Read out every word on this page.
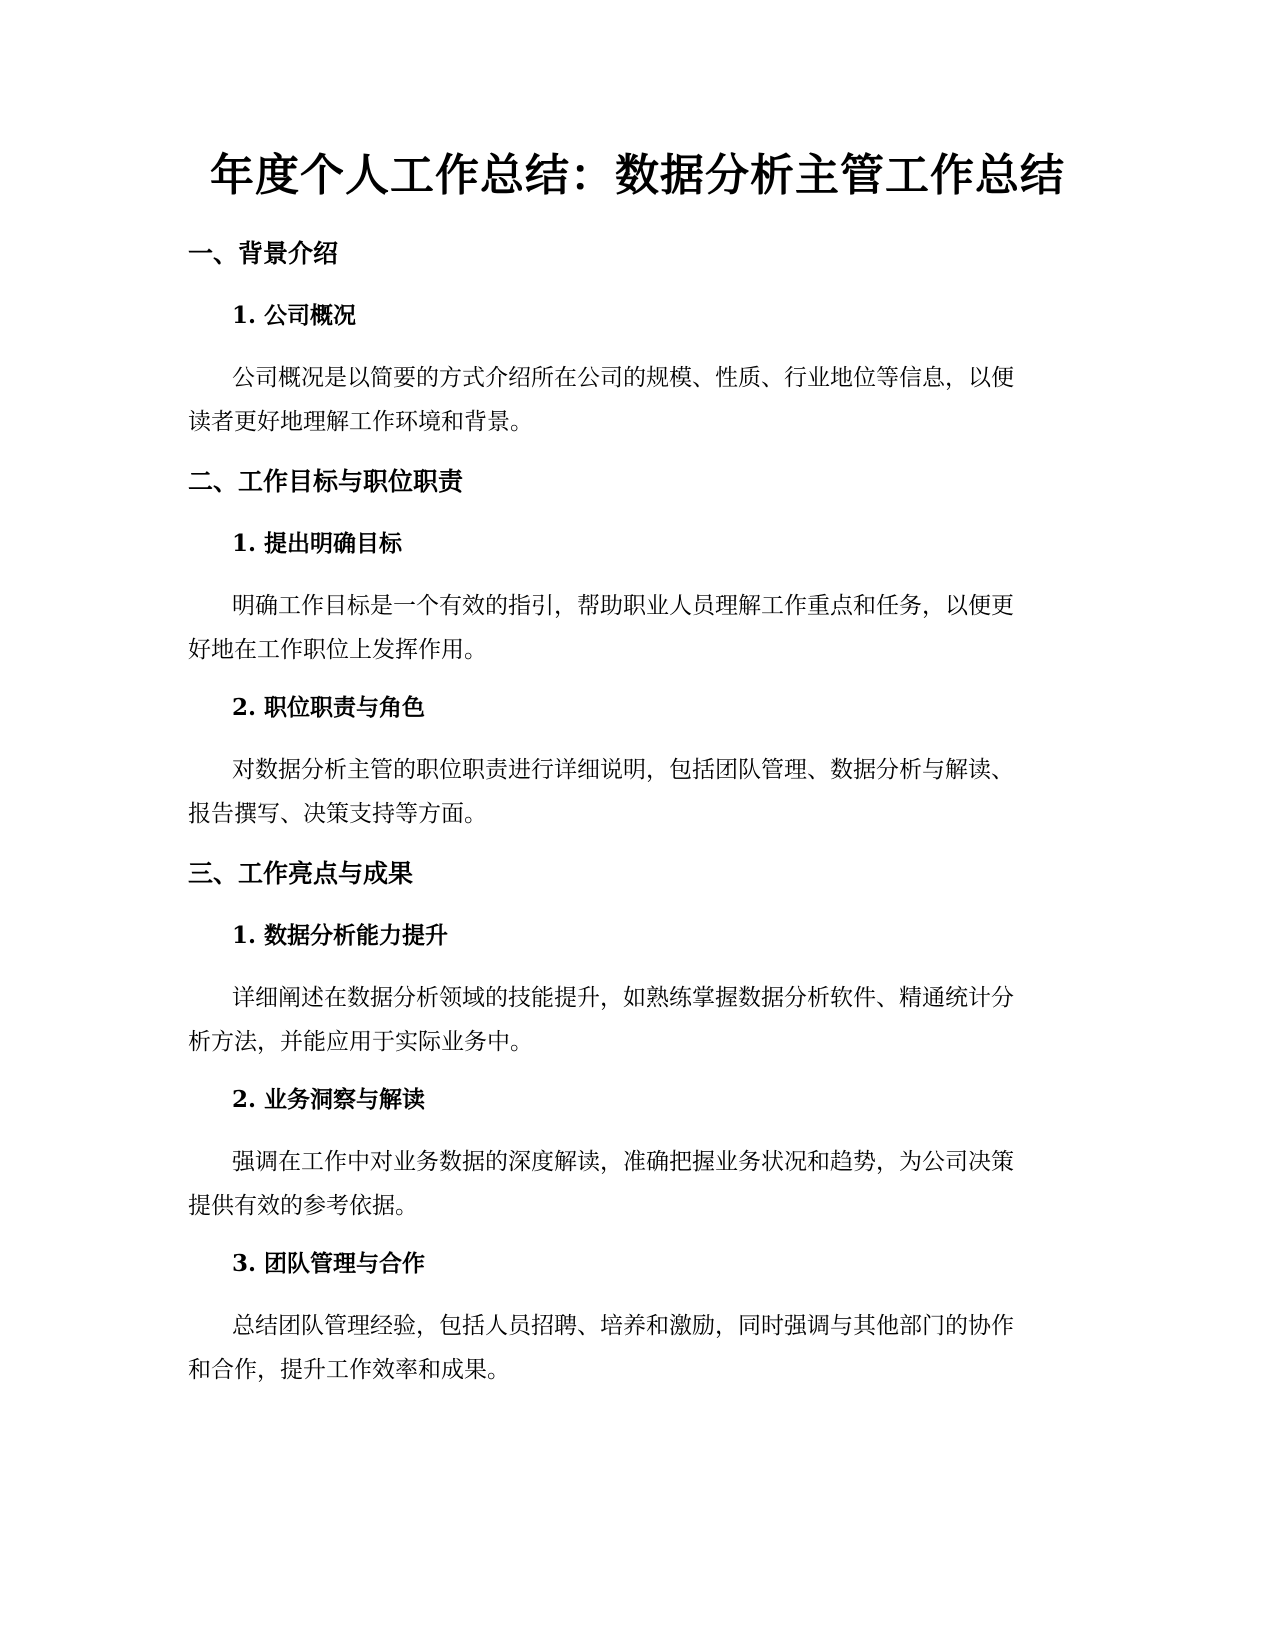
年度个人工作总结：数据分析主管工作总结
一、背景介绍
1. 公司概况

公司概况是以简要的方式介绍所在公司的规模、性质、行业地位等信息，以便
读者更好地理解工作环境和背景。

二、工作目标与职位职责
1. 提出明确目标

明确工作目标是一个有效的指引，帮助职业人员理解工作重点和任务，以便更
好地在工作职位上发挥作用。

2. 职位职责与角色

对数据分析主管的职位职责进行详细说明，包括团队管理、数据分析与解读、
报告撰写、决策支持等方面。

三、工作亮点与成果
1. 数据分析能力提升

详细阐述在数据分析领域的技能提升，如熟练掌握数据分析软件、精通统计分
析方法，并能应用于实际业务中。

2. 业务洞察与解读

强调在工作中对业务数据的深度解读，准确把握业务状况和趋势，为公司决策
提供有效的参考依据。

3. 团队管理与合作

总结团队管理经验，包括人员招聘、培养和激励，同时强调与其他部门的协作
和合作，提升工作效率和成果。
